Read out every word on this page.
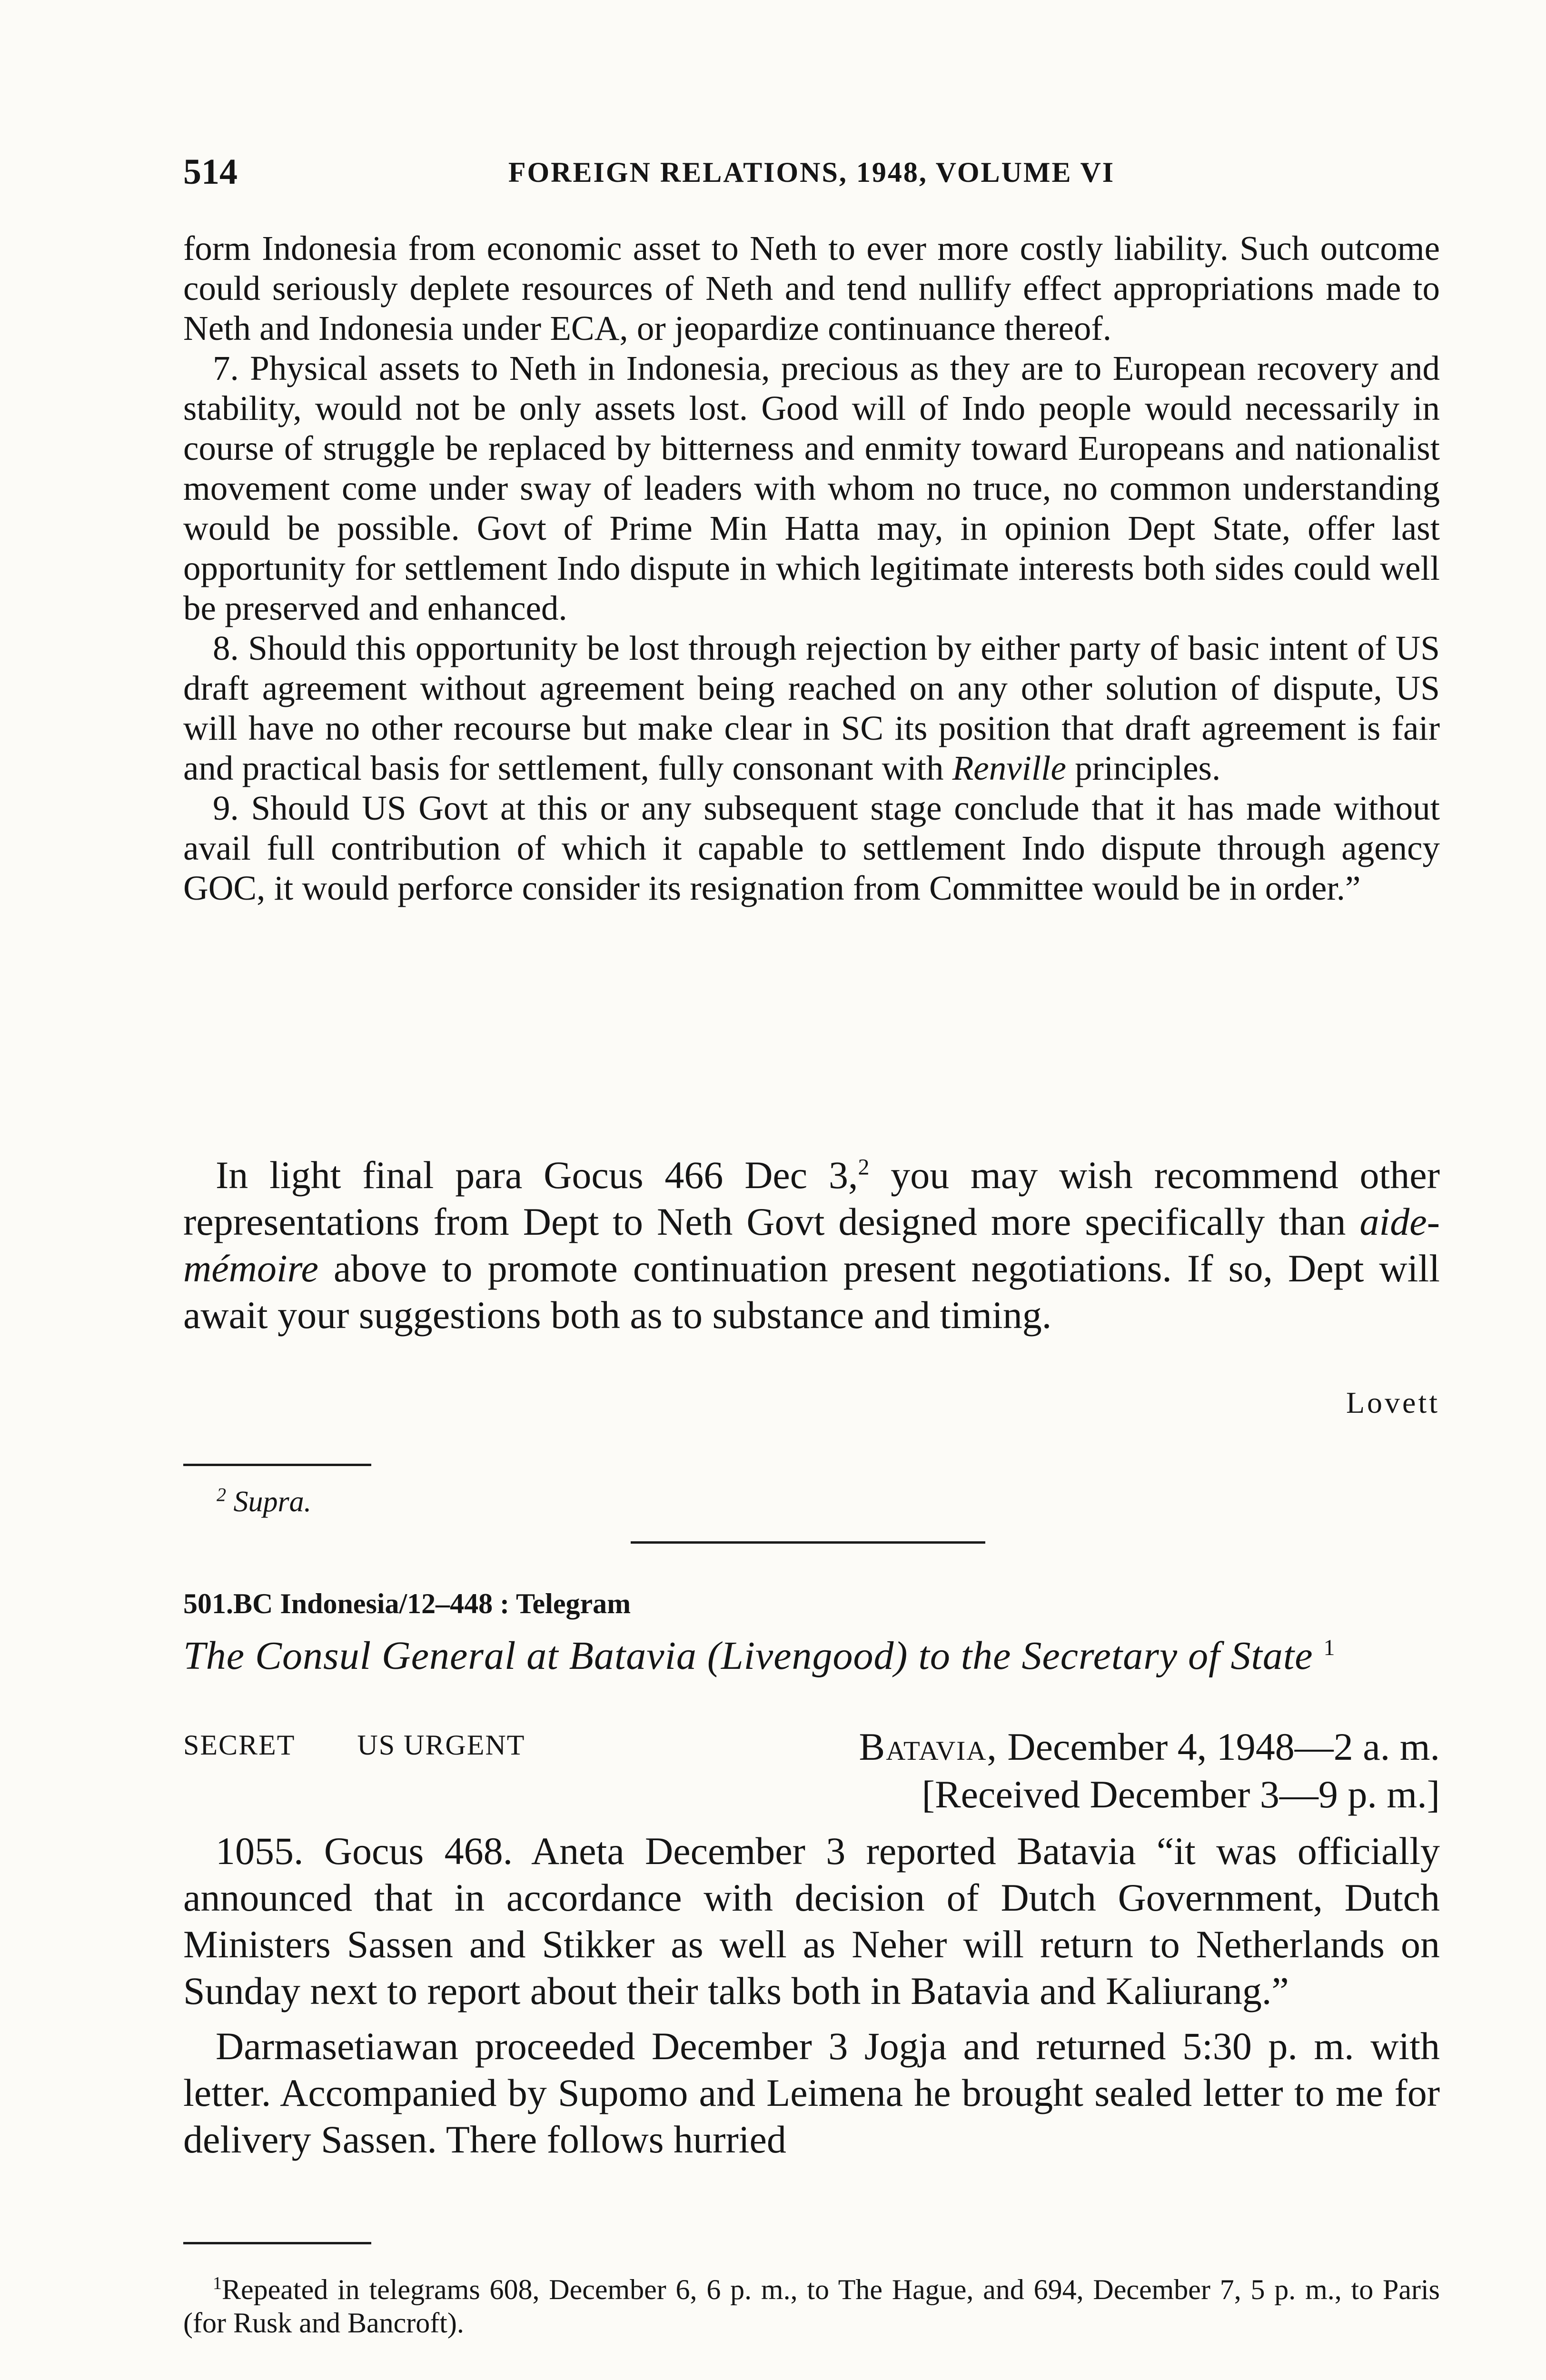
514	FOREIGN RELATIONS, 1948, VOLUME VI

form Indonesia from economic asset to Neth to ever more costly liability. Such outcome could seriously deplete resources of Neth and tend nullify effect appropriations made to Neth and Indonesia under ECA, or jeopardize continuance thereof.

7. Physical assets to Neth in Indonesia, precious as they are to European recovery and stability, would not be only assets lost. Good will of Indo people would necessarily in course of struggle be replaced by bitterness and enmity toward Europeans and nationalist movement come under sway of leaders with whom no truce, no common understanding would be possible. Govt of Prime Min Hatta may, in opinion Dept State, offer last opportunity for settlement Indo dispute in which legitimate interests both sides could well be preserved and enhanced.

8. Should this opportunity be lost through rejection by either party of basic intent of US draft agreement without agreement being reached on any other solution of dispute, US will have no other recourse but make clear in SC its position that draft agreement is fair and practical basis for settlement, fully consonant with Renville principles.

9. Should US Govt at this or any subsequent stage conclude that it has made without avail full contribution of which it capable to settlement Indo dispute through agency GOC, it would perforce consider its resignation from Committee would be in order.”

In light final para Gocus 466 Dec 3,$^2$ you may wish recommend other representations from Dept to Neth Govt designed more specifically than aide-mémoire above to promote continuation present negotiations. If so, Dept will await your suggestions both as to substance and timing.

Lovett
$^2$ Supra.
501.BC Indonesia/12–448 : Telegram
The Consul General at Batavia (Livengood) to the Secretary of State $^1$
SECRET US URGENT	Batavia, December 4, 1948—2 a. m.
[Received December 3—9 p. m.]

1055. Gocus 468. Aneta December 3 reported Batavia “it was officially announced that in accordance with decision of Dutch Government, Dutch Ministers Sassen and Stikker as well as Neher will return to Netherlands on Sunday next to report about their talks both in Batavia and Kaliurang.”

Darmasetiawan proceeded December 3 Jogja and returned 5:30 p. m. with letter. Accompanied by Supomo and Leimena he brought sealed letter to me for delivery Sassen. There follows hurried

$^1$Repeated in telegrams 608, December 6, 6 p. m., to The Hague, and 694, December 7, 5 p. m., to Paris (for Rusk and Bancroft).
